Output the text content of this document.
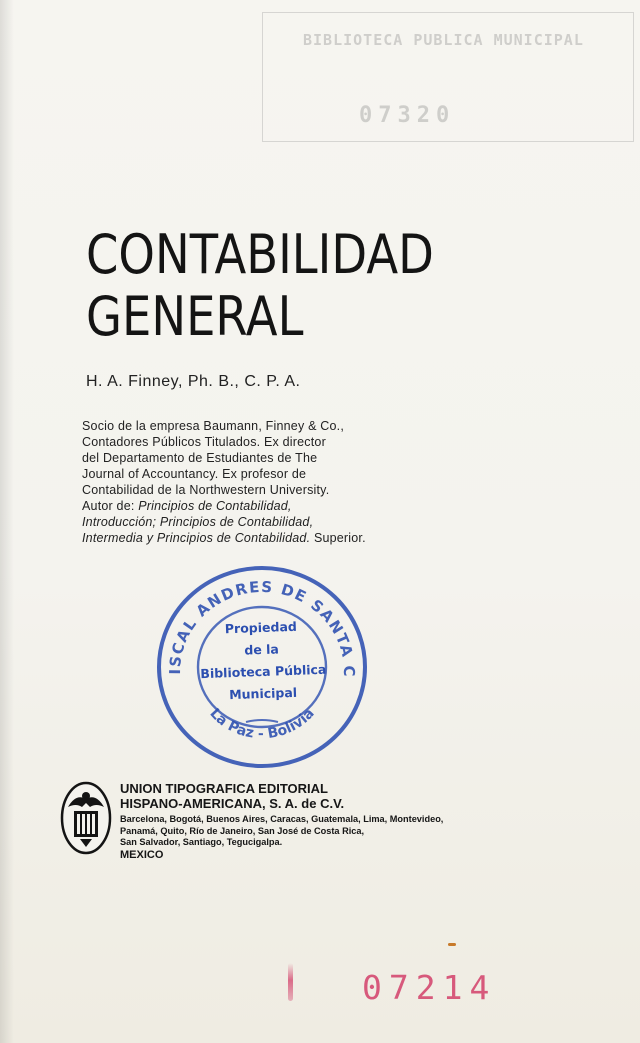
BIBLIOTECA PUBLICA MUNICIPAL
07320
CONTABILIDAD
GENERAL
H. A. Finney, Ph. B., C. P. A.
Socio de la empresa Baumann, Finney & Co.,
Contadores Públicos Titulados. Ex director
del Departamento de Estudiantes de The
Journal of Accountancy. Ex profesor de
Contabilidad de la Northwestern University.
Autor de: Principios de Contabilidad,
Introducción; Principios de Contabilidad,
Intermedia y Principios de Contabilidad. Superior.
ISCAL ANDRES DE SANTA C
La Paz - Bolivia
Propiedad
de la
Biblioteca Pública
Municipal
UNION TIPOGRAFICA EDITORIAL
HISPANO-AMERICANA, S. A. de C.V.
Barcelona, Bogotá, Buenos Aires, Caracas, Guatemala, Lima, Montevideo,
Panamá, Quito, Río de Janeiro, San José de Costa Rica,
San Salvador, Santiago, Tegucigalpa.
MEXICO
07214
